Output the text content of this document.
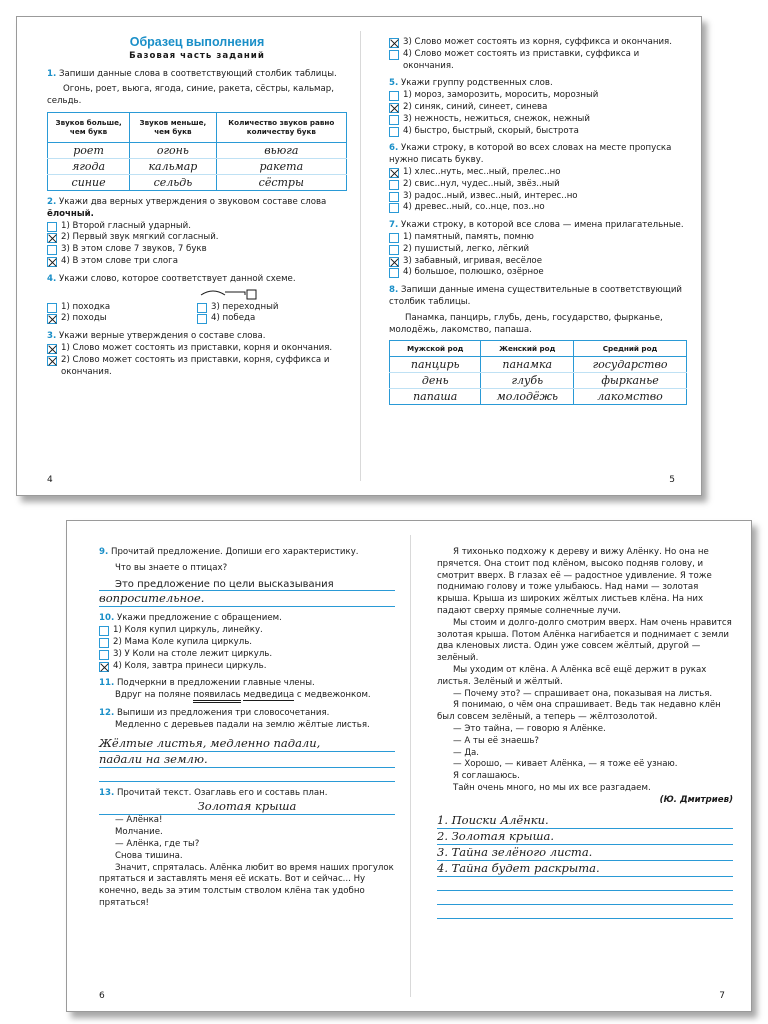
Образец выполнения
Базовая часть заданий
1. Запиши данные слова в соответствующий столбик таблицы.
Огонь, роет, вьюга, ягода, синие, ракета, сёстры, кальмар, сельдь.
Звуков больше, чем букв	Звуков меньше, чем букв	Количество звуков равно количеству букв
роет	огонь	вьюга
ягода	кальмар	ракета
синие	сельдь	сёстры
2. Укажи два верных утверждения о звуковом составе слова ёлочный.
1) Второй гласный ударный.
2) Первый звук мягкий согласный.
3) В этом слове 7 звуков, 7 букв
4) В этом слове три слога
4. Укажи слово, которое соответствует данной схеме.
1) походка
2) походы
3) переходный
4) победа
3. Укажи верные утверждения о составе слова.
1) Слово может состоять из приставки, корня и окончания.
2) Слово может состоять из приставки, корня, суффикса и окончания.
4
3) Слово может состоять из корня, суффикса и окончания.
4) Слово может состоять из приставки, суффикса и окончания.
5. Укажи группу родственных слов.
1) мороз, заморозить, моросить, морозный
2) синяк, синий, синеет, синева
3) нежность, нежиться, снежок, нежный
4) быстро, быстрый, скорый, быстрота
6. Укажи строку, в которой во всех словах на месте пропуска нужно писать букву.
1) хлес..нуть, мес..ный, прелес..но
2) свис..нул, чудес..ный, звёз..ный
3) радос..ный, извес..ный, интерес..но
4) древес..ный, со..нце, поз..но
7. Укажи строку, в которой все слова — имена прилагательные.
1) памятный, память, помню
2) пушистый, легко, лёгкий
3) забавный, игривая, весёлое
4) большое, полюшко, озёрное
8. Запиши данные имена существительные в соответствующий столбик таблицы.
Панамка, панцирь, глубь, день, государство, фырканье, молодёжь, лакомство, папаша.
Мужской род	Женский род	Средний род
панцирь	панамка	государство
день	глубь	фырканье
папаша	молодёжь	лакомство
5
9. Прочитай предложение. Допиши его характеристику.
Что вы знаете о птицах?
Это предложение по цели высказывания
вопросительное.
10. Укажи предложение с обращением.
1) Коля купил циркуль, линейку.
2) Мама Коле купила циркуль.
3) У Коли на столе лежит циркуль.
4) Коля, завтра принеси циркуль.
11. Подчеркни в предложении главные члены.
Вдруг на поляне появилась медведица с медвежонком.
12. Выпиши из предложения три словосочетания.
Медленно с деревьев падали на землю жёлтые листья.
Жёлтые листья, медленно падали,
падали на землю.
13. Прочитай текст. Озаглавь его и составь план.
Золотая крыша
— Алёнка!
Молчание.
— Алёнка, где ты?
Снова тишина.
Значит, спряталась. Алёнка любит во время наших прогулок прятаться и заставлять меня её искать. Вот и сейчас... Ну конечно, ведь за этим толстым стволом клёна так удобно прятаться!
6
Я тихонько подхожу к дереву и вижу Алёнку. Но она не прячется. Она стоит под клёном, высоко подняв голову, и смотрит вверх. В глазах её — радостное удивление. Я тоже поднимаю голову и тоже улыбаюсь. Над нами — золотая крыша. Крыша из широких жёлтых листьев клёна. На них падают сверху прямые солнечные лучи.
Мы стоим и долго-долго смотрим вверх. Нам очень нравится золотая крыша. Потом Алёнка нагибается и поднимает с земли два кленовых листа. Один уже совсем жёлтый, другой — зелёный.
Мы уходим от клёна. А Алёнка всё ещё держит в руках листья. Зелёный и жёлтый.
— Почему это? — спрашивает она, показывая на листья.
Я понимаю, о чём она спрашивает. Ведь так недавно клён был совсем зелёный, а теперь — жёлтозолотой.
— Это тайна, — говорю я Алёнке.
— А ты её знаешь?
— Да.
— Хорошо, — кивает Алёнка, — я тоже её узнаю.
Я соглашаюсь.
Тайн очень много, но мы их все разгадаем.
(Ю. Дмитриев)
1. Поиски Алёнки.
2. Золотая крыша.
3. Тайна зелёного листа.
4. Тайна будет раскрыта.
7
